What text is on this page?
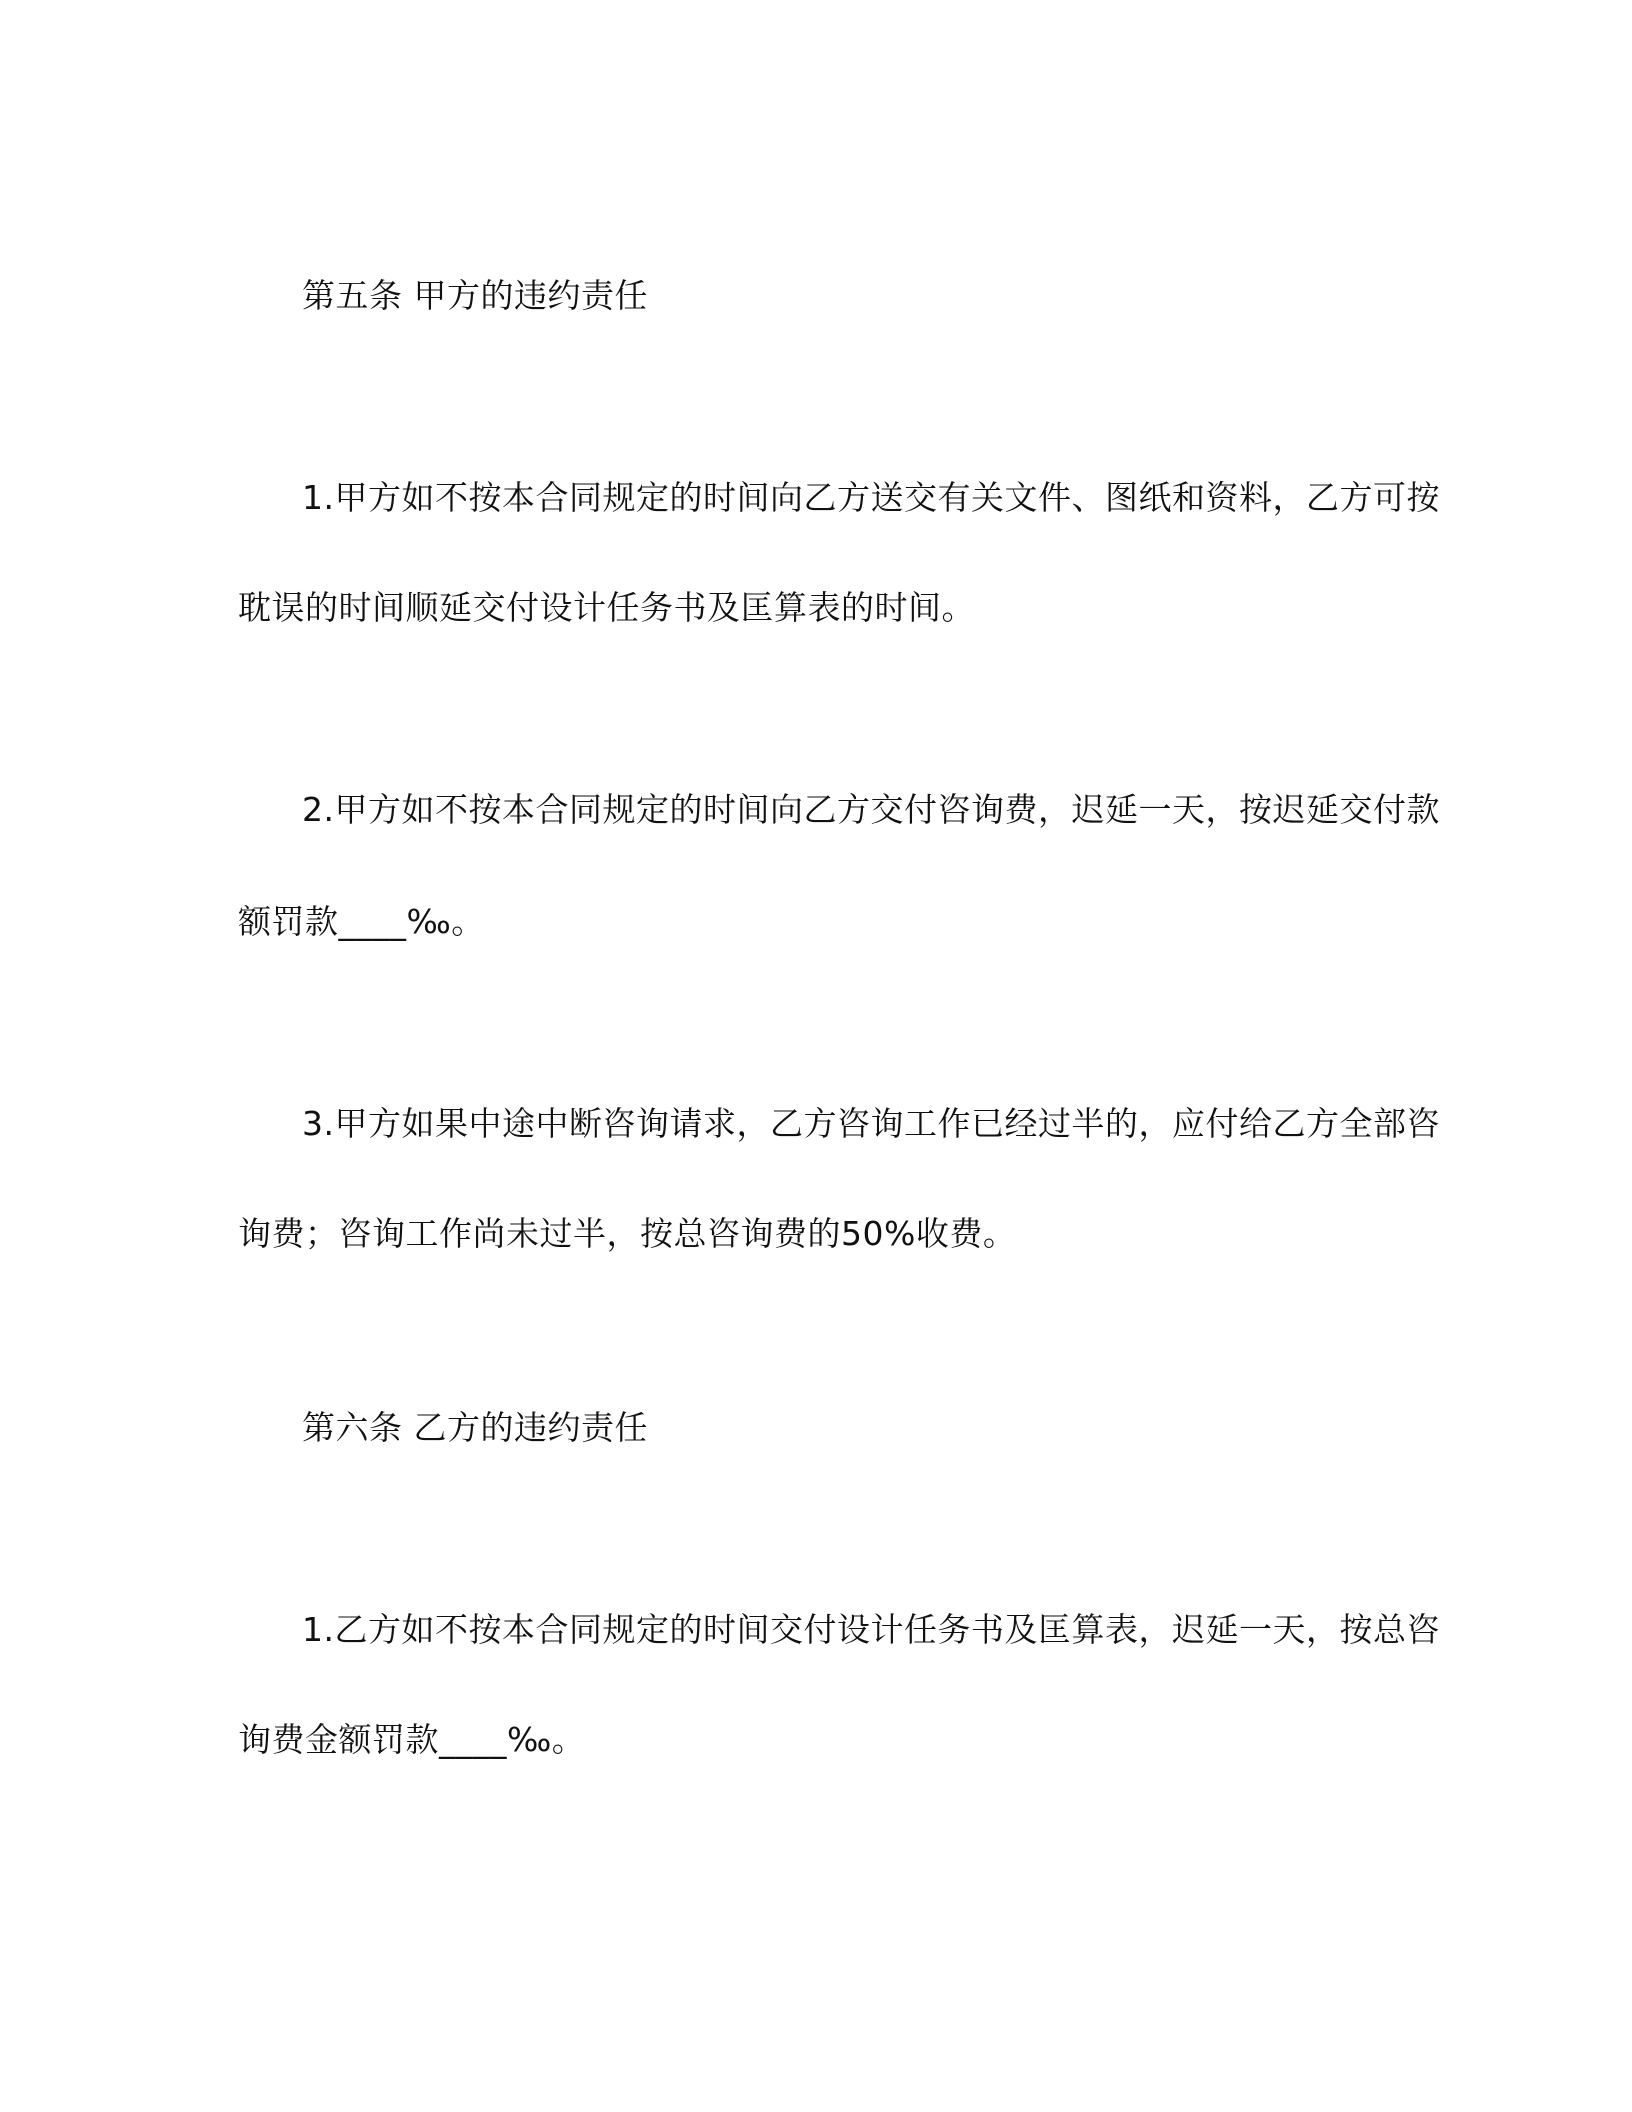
第五条 甲方的违约责任
1.甲方如不按本合同规定的时间向乙方送交有关文件、图纸和资料，乙方可按
耽误的时间顺延交付设计任务书及匡算表的时间。
2.甲方如不按本合同规定的时间向乙方交付咨询费，迟延一天，按迟延交付款
额罚款____‰。
3.甲方如果中途中断咨询请求，乙方咨询工作已经过半的，应付给乙方全部咨
询费；咨询工作尚未过半，按总咨询费的50%收费。
第六条 乙方的违约责任
1.乙方如不按本合同规定的时间交付设计任务书及匡算表，迟延一天，按总咨
询费金额罚款____‰。
